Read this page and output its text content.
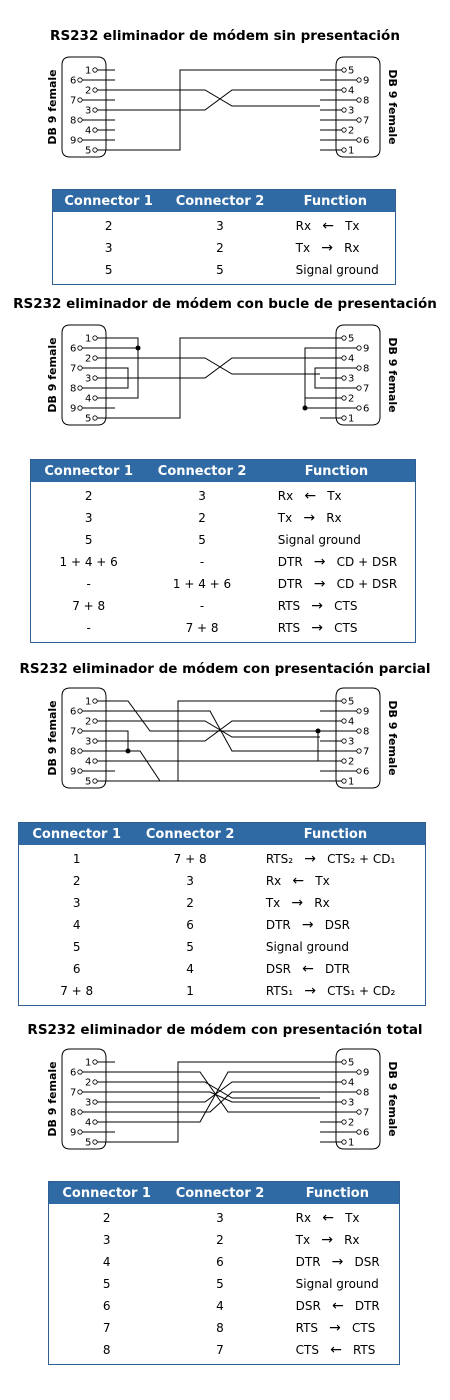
RS232 eliminador de módem sin presentación
DB 9 female	1
6
2
7
3
8
4
9
5
DB 9 female
5
9
4
8
3
7
2
6
1
Connector 1	Connector 2	Function
2	3	Rx ← Tx
3	2	Tx → Rx
5	5	Signal ground
RS232 eliminador de módem con bucle de presentación
DB 9 female	1
6
2
7
3
8
4
9
5
DB 9 female
5
9
4
8
3
7
2
6
1
Connector 1	Connector 2	Function
2	3	Rx ← Tx
3	2	Tx → Rx
5	5	Signal ground
1 + 4 + 6	-	DTR → CD + DSR
-	1 + 4 + 6	DTR → CD + DSR
7 + 8	-	RTS → CTS
-	7 + 8	RTS → CTS
RS232 eliminador de módem con presentación parcial
DB 9 female	1
6
2
7
3
8
4
9
5
DB 9 female
5
9
4
8
3
7
2
6
1
Connector 1	Connector 2	Function
1	7 + 8	RTS₂ → CTS₂ + CD₁
2	3	Rx ← Tx
3	2	Tx → Rx
4	6	DTR → DSR
5	5	Signal ground
6	4	DSR ← DTR
7 + 8	1	RTS₁ → CTS₁ + CD₂
RS232 eliminador de módem con presentación total
DB 9 female	1
6
2
7
3
8
4
9
5
DB 9 female
5
9
4
8
3
7
2
6
1
Connector 1	Connector 2	Function
2	3	Rx ← Tx
3	2	Tx → Rx
4	6	DTR → DSR
5	5	Signal ground
6	4	DSR ← DTR
7	8	RTS → CTS
8	7	CTS ← RTS
